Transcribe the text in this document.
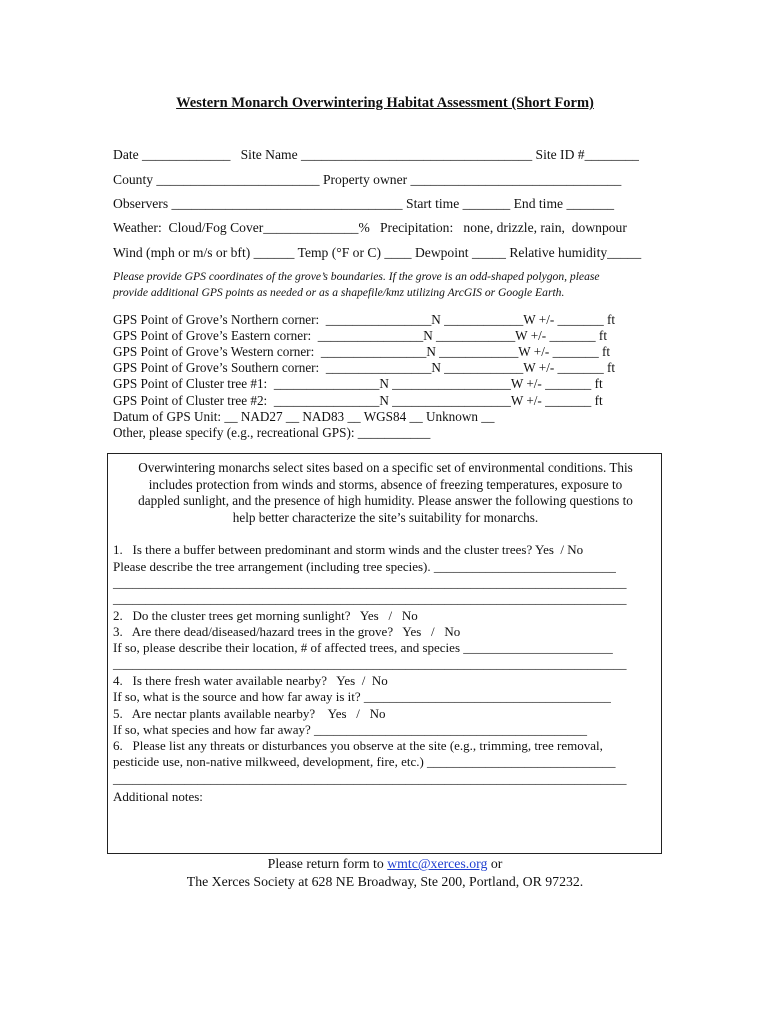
Western Monarch Overwintering Habitat Assessment (Short Form)
Date _____________   Site Name __________________________________ Site ID #________
County ________________________ Property owner _______________________________
Observers __________________________________ Start time _______ End time _______
Weather:  Cloud/Fog Cover______________%   Precipitation:   none, drizzle, rain,  downpour
Wind (mph or m/s or bft) ______ Temp (°F or C) ____ Dewpoint _____ Relative humidity_____
Please provide GPS coordinates of the grove’s boundaries. If the grove is an odd-shaped polygon, please
provide additional GPS points as needed or as a shapefile/kmz utilizing ArcGIS or Google Earth.
GPS Point of Grove’s Northern corner:  ________________N ____________W +/- _______ ft
GPS Point of Grove’s Eastern corner:  ________________N ____________W +/- _______ ft
GPS Point of Grove’s Western corner:  ________________N ____________W +/- _______ ft
GPS Point of Grove’s Southern corner:  ________________N ____________W +/- _______ ft
GPS Point of Cluster tree #1:  ________________N __________________W +/- _______ ft
GPS Point of Cluster tree #2:  ________________N __________________W +/- _______ ft
Datum of GPS Unit: __ NAD27 __ NAD83 __ WGS84 __ Unknown __
Other, please specify (e.g., recreational GPS): ___________
Overwintering monarchs select sites based on a specific set of environmental conditions. This
includes protection from winds and storms, absence of freezing temperatures, exposure to
dappled sunlight, and the presence of high humidity. Please answer the following questions to
help better characterize the site’s suitability for monarchs.
1.   Is there a buffer between predominant and storm winds and the cluster trees? Yes  / No
Please describe the tree arrangement (including tree species). ____________________________
_______________________________________________________________________________
_______________________________________________________________________________
2.   Do the cluster trees get morning sunlight?   Yes   /   No
3.   Are there dead/diseased/hazard trees in the grove?   Yes   /   No
If so, please describe their location, # of affected trees, and species _______________________
_______________________________________________________________________________
4.   Is there fresh water available nearby?   Yes  /  No
If so, what is the source and how far away is it? ______________________________________
5.   Are nectar plants available nearby?    Yes   /   No
If so, what species and how far away? __________________________________________
6.   Please list any threats or disturbances you observe at the site (e.g., trimming, tree removal,
pesticide use, non-native milkweed, development, fire, etc.) _____________________________
_______________________________________________________________________________
Additional notes:
Please return form to wmtc@xerces.org or
The Xerces Society at 628 NE Broadway, Ste 200, Portland, OR 97232.
